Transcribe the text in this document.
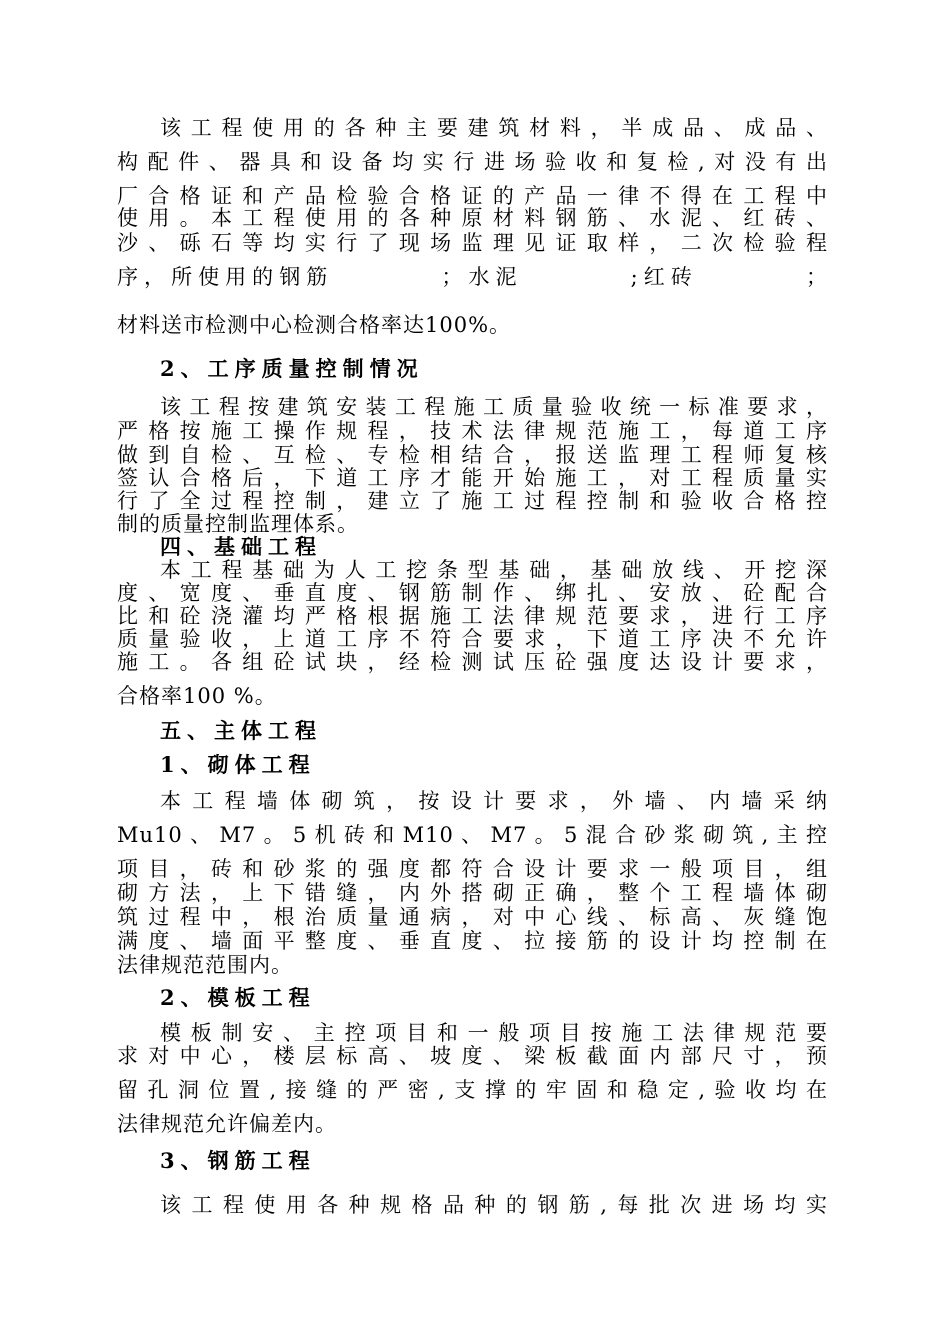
该工程使用的各种主要建筑材料，半成品、成品、

构配件、器具和设备均实行进场验收和复检,对没有出

厂合格证和产品检验合格证的产品一律不得在工程中

使用。本工程使用的各种原材料钢筋、水泥、红砖、

沙、砾石等均实行了现场监理见证取样，二次检验程

序，所使用的钢筋　　　　；水泥　　　　;红砖　　　　；

材料送市检测中心检测合格率达100%。

2、工序质量控制情况

该工程按建筑安装工程施工质量验收统一标准要求，

严格按施工操作规程，技术法律规范施工，每道工序

做到自检、互检、专检相结合，报送监理工程师复核

签认合格后，下道工序才能开始施工，对工程质量实

行了全过程控制，建立了施工过程控制和验收合格控

制的质量控制监理体系。

四、基础工程

本工程基础为人工挖条型基础，基础放线、开挖深

度、宽度、垂直度、钢筋制作、绑扎、安放、砼配合

比和砼浇灌均严格根据施工法律规范要求，进行工序

质量验收，上道工序不符合要求，下道工序决不允许

施工。各组砼试块，经检测试压砼强度达设计要求，

合格率100 %。

五、主体工程

1、砌体工程

本工程墙体砌筑，按设计要求，外墙、内墙采纳

Mu10、M7。5机砖和M10、M7。5混合砂浆砌筑,主控

项目，砖和砂浆的强度都符合设计要求一般项目，组

砌方法，上下错缝，内外搭砌正确，整个工程墙体砌

筑过程中，根治质量通病，对中心线、标高、灰缝饱

满度、墙面平整度、垂直度、拉接筋的设计均控制在

法律规范范围内。

2、模板工程

模板制安、主控项目和一般项目按施工法律规范要

求对中心，楼层标高、坡度、梁板截面内部尺寸，预

留孔洞位置,接缝的严密,支撑的牢固和稳定,验收均在

法律规范允许偏差内。

3、钢筋工程

该工程使用各种规格品种的钢筋,每批次进场均实
